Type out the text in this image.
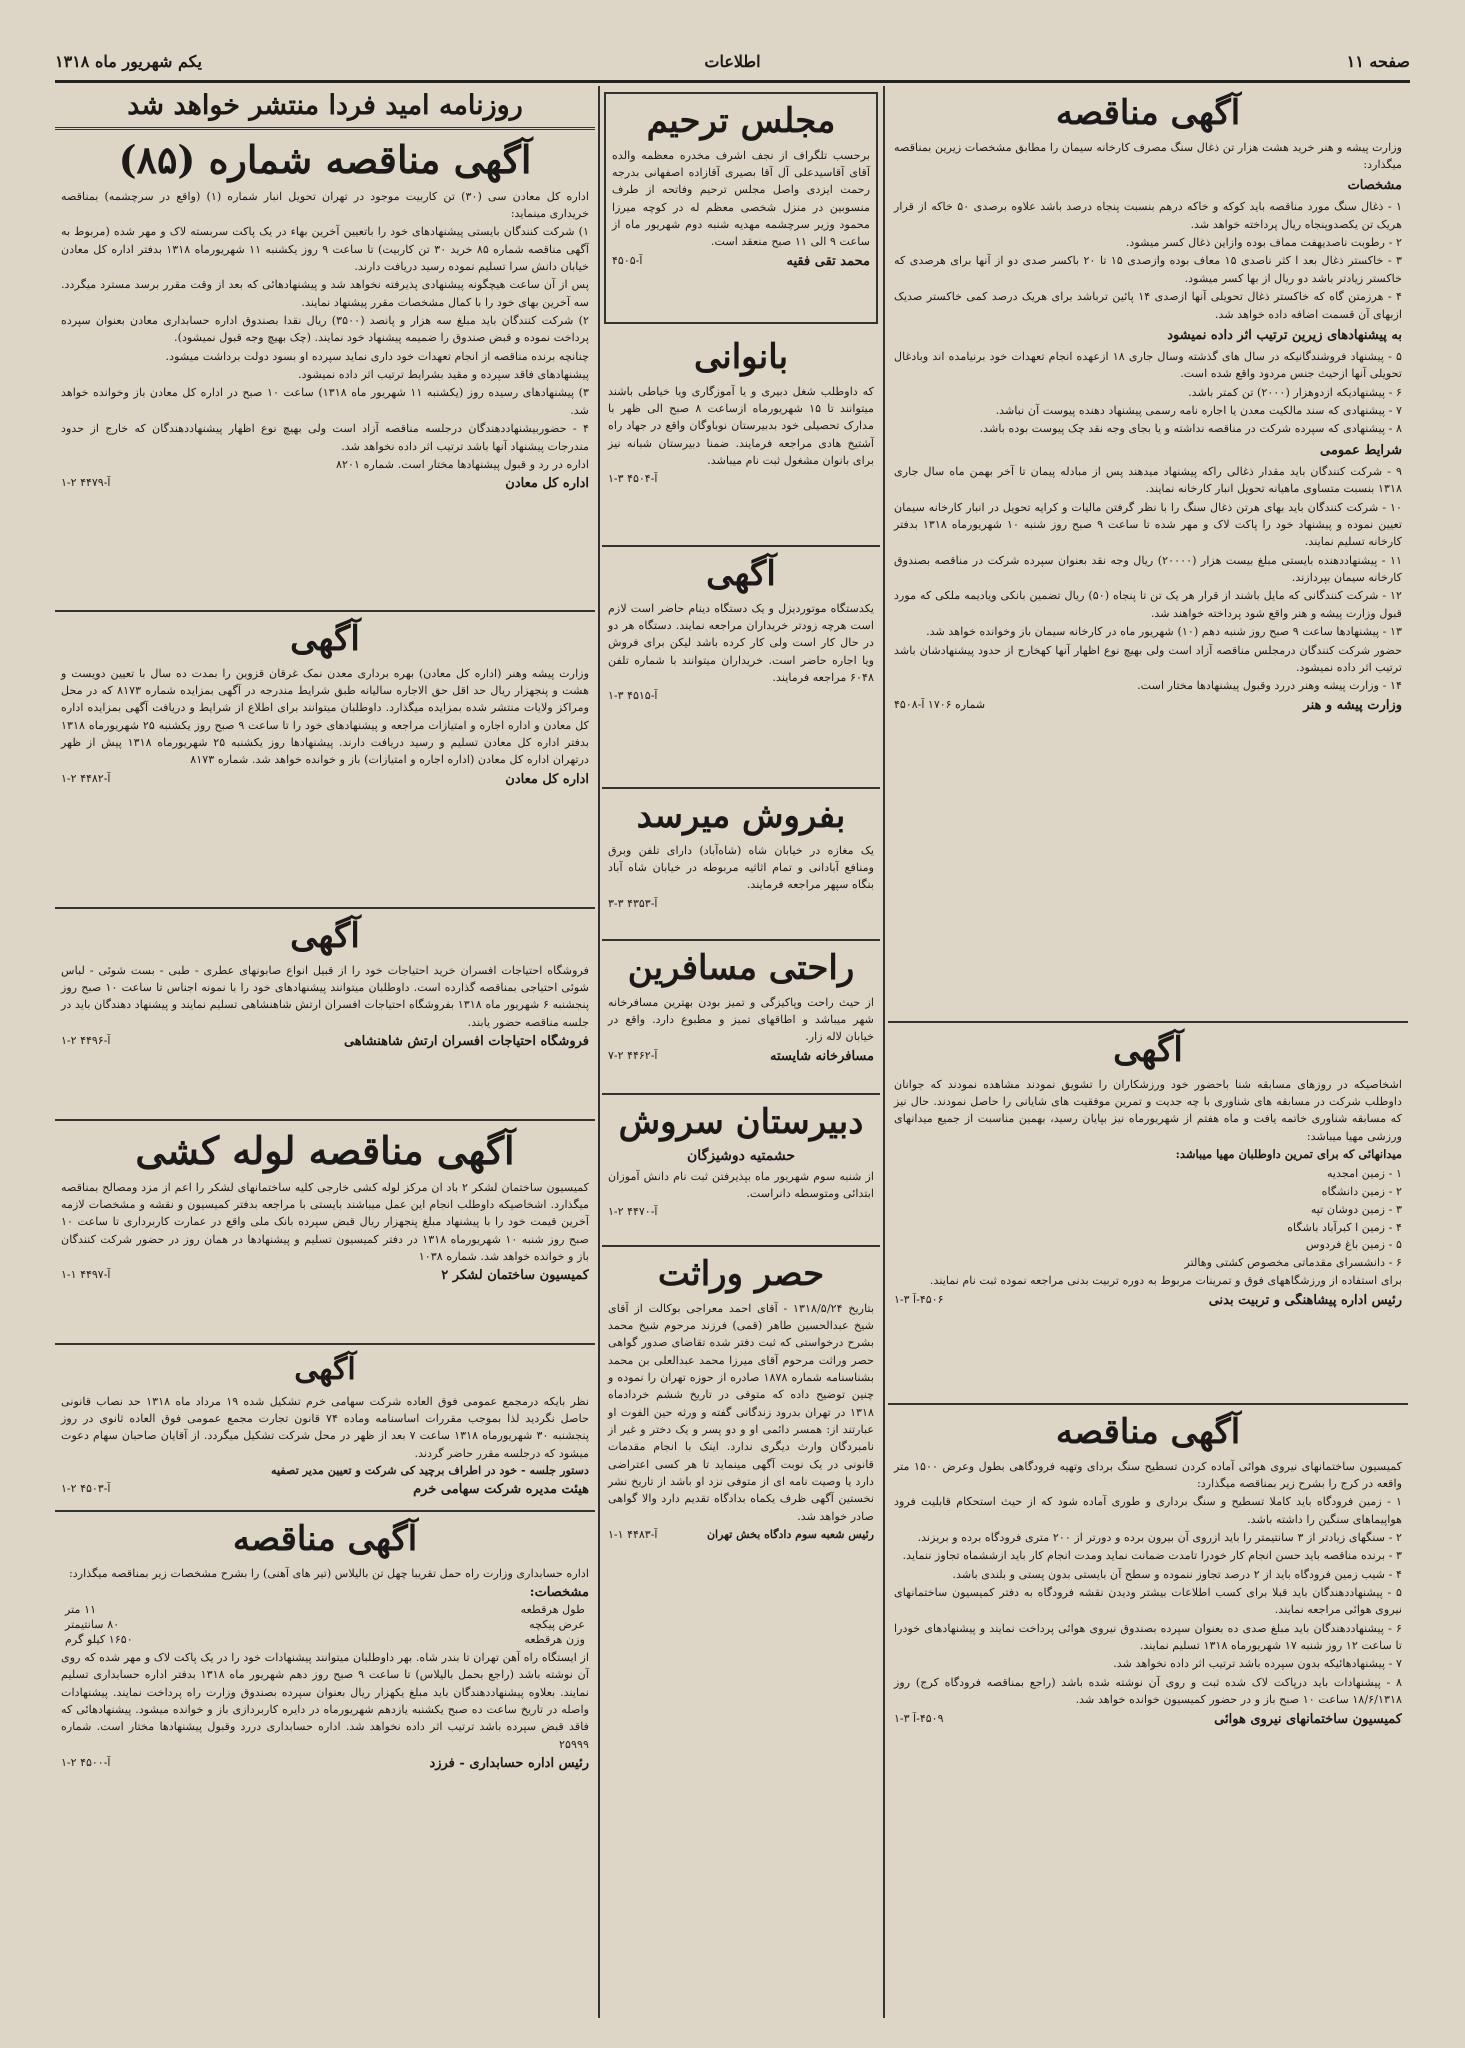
صفحه ۱۱
اطلاعات
یکم شهریور ماه ۱۳۱۸
آگهی مناقصه

وزارت پیشه و هنر خرید هشت هزار تن ذغال سنگ مصرف کارخانه سیمان را مطابق مشخصات زیرین بمناقصه میگذارد:

مشخصات

۱ - ذغال سنگ مورد مناقصه باید کوکه و خاکه درهم بنسبت پنجاه درصد باشد علاوه برصدی ۵۰ خاکه از قرار هریک تن یکصدوپنجاه ریال پرداخته خواهد شد.

۲ - رطوبت ناصدیهفت مماف بوده وازاین ذغال کسر میشود.

۳ - خاکستر ذغال بعد ا کثر ناصدی ۱۵ معاف بوده وازصدی ۱۵ تا ۲۰ باکسر صدی دو از آنها برای هرصدی که خاکستر زیادتر باشد دو ریال از بها کسر میشود.

۴ - هرزمتن گاه که خاکستر ذغال تحویلی آنها ازصدی ۱۴ پائین ترباشد برای هریک درصد کمی خاکستر صدیک ازبهای آن قسمت اضافه داده خواهد شد.

به پیشنهادهای زیرین ترتیب اثر داده نمیشود

۵ - پیشنهاد فروشندگانیکه در سال های گذشته وسال جاری ۱۸ ازعهده انجام تعهدات خود برنیامده اند وبادغال تحویلی آنها ازحیث جنس مردود واقع شده است.

۶ - پیشنهادیکه ازدوهزار (۲۰۰۰) تن کمتر باشد.

۷ - پیشنهادی که سند مالکیت معدن یا اجاره نامه رسمی پیشنهاد دهنده پیوست آن نباشد.

۸ - پیشنهادی که سپرده شرکت در مناقصه نداشته و یا بجای وجه نقد چک پیوست بوده باشد.

شرایط عمومی

۹ - شرکت کنندگان باید مقدار ذغالی راکه پیشنهاد میدهند پس از مبادله پیمان تا آخر بهمن ماه سال جاری ۱۳۱۸ بنسبت متساوی ماهیانه تحویل انبار کارخانه نمایند.

۱۰ - شرکت کنندگان باید بهای هرتن ذغال سنگ را با نظر گرفتن مالیات و کرایه تحویل در انبار کارخانه سیمان تعیین نموده و پیشنهاد خود را پاکت لاک و مهر شده تا ساعت ۹ صبح روز شنبه ۱۰ شهریورماه ۱۳۱۸ بدفتر کارخانه تسلیم نمایند.

۱۱ - پیشنهاددهنده بایستی مبلغ بیست هزار (۲۰۰۰۰) ریال وجه نقد بعنوان سپرده شرکت در مناقصه بصندوق کارخانه سیمان بپردازند.

۱۲ - شرکت کنندگانی که مایل باشند از قرار هر یک تن تا پنجاه (۵۰) ریال تضمین بانکی ویادیمه ملکی که مورد قبول وزارت پیشه و هنر واقع شود پرداخته خواهند شد.

۱۳ - پیشنهادها ساعت ۹ صبح روز شنبه دهم (۱۰) شهریور ماه در کارخانه سیمان باز وخوانده خواهد شد.

حضور شرکت کنندگان درمجلس مناقصه آزاد است ولی بهیچ نوع اظهار آنها کهخارج از حدود پیشنهادشان باشد ترتیب اثر داده نمیشود.

۱۴ - وزارت پیشه وهنر دررد وقبول پیشنهادها مختار است.

وزارت پیشه و هنر
شماره ۱۷۰۶ آ-۴۵۰۸
آگهی

اشخاصیکه در روزهای مسابقه شنا باحضور خود ورزشکاران را تشویق نمودند مشاهده نمودند که جوانان داوطلب شرکت در مسابقه های شناوری با چه جدیت و تمرین موفقیت های شایانی را حاصل نمودند. حال نیز که مسابقه شناوری خاتمه یافت و ماه هفتم از شهریورماه نیز بپایان رسید، بهمین مناسبت از جمیع میدانهای ورزشی مهیا میباشد:

میدانهائی که برای تمرین داوطلبان مهیا میباشد:

۱ - زمین امجدیه
۲ - زمین دانشگاه
۳ - زمین دوشان تپه
۴ - زمین ا کبرآباد باشگاه
۵ - زمین باغ فردوس
۶ - دانشسرای مقدماتی مخصوص کشتی وهالتر
برای استفاده از ورزشگاههای فوق و تمرینات مربوط به دوره تربیت بدنی مراجعه نموده ثبت نام نمایند.
رئیس اداره پیشاهنگی و تربیت بدنی
۴۵۰۶-آ ۳-۱
آگهی مناقصه

کمیسیون ساختمانهای نیروی هوائی آماده کردن تسطیح سنگ بردای وتهیه فرودگاهی بطول وعرض ۱۵۰۰ متر واقعه در کرج را بشرح زیر بمناقصه میگذارد:

۱ - زمین فرودگاه باید کاملا تسطیح و سنگ برداری و طوری آماده شود که از حیث استحکام قابلیت فرود هواپیماهای سنگین را داشته باشد.

۲ - سنگهای زیادتر از ۳ سانتیمتر را باید ازروی آن بیرون برده و دورتر از ۲۰۰ متری فرودگاه برده و بریزند.

۳ - برنده مناقصه باید حسن انجام کار خودرا تامدت ضمانت نماید ومدت انجام کار باید ازششماه تجاوز ننماید.

۴ - شیب زمین فرودگاه باید از ۲ درصد تجاوز ننموده و سطح آن بایستی بدون پستی و بلندی باشد.

۵ - پیشنهاددهندگان باید قبلا برای کسب اطلاعات بیشتر ودیدن نقشه فرودگاه به دفتر کمیسیون ساختمانهای نیروی هوائی مراجعه نمایند.

۶ - پیشنهاددهندگان باید مبلغ صدی ده بعنوان سپرده بصندوق نیروی هوائی پرداخت نمایند و پیشنهادهای خودرا تا ساعت ۱۲ روز شنبه ۱۷ شهریورماه ۱۳۱۸ تسلیم نمایند.

۷ - پیشنهادهائیکه بدون سپرده باشد ترتیب اثر داده نخواهد شد.

۸ - پیشنهادات باید درپاکت لاک شده ثبت و روی آن نوشته شده باشد (راجع بمناقصه فرودگاه کرج) روز ۱۸/۶/۱۳۱۸ ساعت ۱۰ صبح باز و در حضور کمیسیون خوانده خواهد شد.

کمیسیون ساختمانهای نیروی هوائی
۴۵۰۹-آ ۳-۱
مجلس ترحیم
برحسب تلگراف از نجف اشرف مخدره معظمه والده آقای آقاسیدعلی آل آقا بصیری آقازاده اصفهانی بدرجه رحمت ایزدی واصل مجلس ترحیم وفاتحه از طرف منسوبین در منزل شخصی معظم له در کوچه میرزا محمود وزیر سرچشمه مهدیه شنبه دوم شهریور ماه از ساعت ۹ الی ۱۱ صبح منعقد است.
محمد تقی فقیه
آ-۴۵۰۵
بانوانی
که داوطلب شغل دبیری و یا آموزگاری ویا خیاطی باشند میتوانند تا ۱۵ شهریورماه ازساعت ۸ صبح الی ظهر با مدارک تحصیلی خود بدبیرستان نوباوگان واقع در جهاد راه آشتیخ هادی مراجعه فرمایند. ضمنا دبیرستان شبانه نیز برای بانوان مشغول ثبت نام میباشد.
آ-۴۵۰۴ ۳-۱
آگهی
یکدستگاه موتوردیزل و یک دستگاه دینام حاضر است لازم است هرچه زودتر خریداران مراجعه نمایند. دستگاه هر دو در حال کار است ولی کار کرده باشد لیکن برای فروش ویا اجاره حاضر است. خریداران میتوانند با شماره تلفن ۶۰۴۸ مراجعه فرمایند.
آ-۴۵۱۵ ۳-۱
بفروش میرسد
یک مغازه در خیابان شاه (شاه‌آباد) دارای تلفن وبرق ومنافع آبادانی و تمام اثاثیه مربوطه در خیابان شاه آباد بنگاه سپهر مراجعه فرمایند.
آ-۴۳۵۳ ۳-۳
راحتی مسافرین
از حیث راحت وپاکیزگی و تمیز بودن بهترین مسافرخانه شهر میباشد و اطاقهای تمیز و مطبوع دارد. واقع در خیابان لاله زار.
مسافرخانه شایسته
آ-۴۴۶۲ ۲-۷
دبیرستان سروش
حشمتیه دوشیزگان
از شنبه سوم شهریور ماه بپذیرفتن ثبت نام دانش آموزان ابتدائی ومتوسطه دانراست.
آ-۴۴۷۰ ۲-۱
حصر وراثت
بتاریخ ۱۳۱۸/۵/۲۴ - آقای احمد معراجی بوکالت از آقای شیخ عبدالحسین طاهر (قمی) فرزند مرحوم شیخ محمد بشرح درخواستی که ثبت دفتر شده تقاضای صدور گواهی حصر وراثت مرحوم آقای میرزا محمد عبدالعلی بن محمد بشناسنامه شماره ۱۸۷۸ صادره از حوزه تهران را نموده و چنین توضیح داده که متوفی در تاریخ ششم خردادماه ۱۳۱۸ در تهران بدرود زندگانی گفته و ورثه حین الفوت او عبارتند از: همسر دائمی او و دو پسر و یک دختر و غیر از نامبردگان وارث دیگری ندارد. اینک با انجام مقدمات قانونی در یک نوبت آگهی مینماید تا هر کسی اعتراضی دارد یا وصیت نامه ای از متوفی نزد او باشد از تاریخ نشر نخستین آگهی ظرف یکماه بدادگاه تقدیم دارد والا گواهی صادر خواهد شد.
رئیس شعبه سوم دادگاه بخش تهران
آ-۴۴۸۳ ۱-۱
روزنامه امید فردا منتشر خواهد شد
آگهی مناقصه شماره (۸۵)

اداره کل معادن سی (۳۰) تن کاربیت موجود در تهران تحویل انبار شماره (۱) (واقع در سرچشمه) بمناقصه خریداری مینماید:

۱) شرکت کنندگان بایستی پیشنهادهای خود را باتعیین آخرین بهاء در یک پاکت سربسته لاک و مهر شده (مربوط به آگهی مناقصه شماره ۸۵ خرید ۳۰ تن کاربیت) تا ساعت ۹ روز یکشنبه ۱۱ شهریورماه ۱۳۱۸ بدفتر اداره کل معادن خیابان دانش سرا تسلیم نموده رسید دریافت دارند.

پس از آن ساعت هیچگونه پیشنهادی پذیرفته نخواهد شد و پیشنهادهائی که بعد از وقت مقرر برسد مسترد میگردد. سه آخرین بهای خود را با کمال مشخصات مقرر پیشنهاد نمایند.

۲) شرکت کنندگان باید مبلغ سه هزار و پانصد (۳۵۰۰) ریال نقدا بصندوق اداره حسابداری معادن بعنوان سپرده پرداخت نموده و قبض صندوق را ضمیمه پیشنهاد خود نمایند. (چک بهیچ وجه قبول نمیشود).

چنانچه برنده مناقصه از انجام تعهدات خود داری نماید سپرده او بسود دولت برداشت میشود.

پیشنهادهای فاقد سپرده و مقید بشرایط ترتیب اثر داده نمیشود.

۳) پیشنهادهای رسیده روز (یکشنبه ۱۱ شهریور ماه ۱۳۱۸) ساعت ۱۰ صبح در اداره کل معادن باز وخوانده خواهد شد.

۴ - حضوربیشنهاددهندگان درجلسه مناقصه آزاد است ولی بهیچ نوع اظهار پیشنهاددهندگان که خارج از حدود مندرجات پیشنهاد آنها باشد ترتیب اثر داده نخواهد شد.

اداره در رد و قبول پیشنهادها مختار است. شماره ۸۲۰۱

اداره کل معادن
آ-۴۴۷۹ ۲-۱
آگهی
وزارت پیشه وهنر (اداره کل معادن) بهره برداری معدن نمک غرقان قزوین را بمدت ده سال با تعیین دویست و هشت و پنجهزار ریال حد اقل حق الاجاره سالیانه طبق شرایط مندرجه در آگهی بمزایده شماره ۸۱۷۳ که در محل ومراکز ولایات منتشر شده بمزایده میگذارد. داوطلبان میتوانند برای اطلاع از شرایط و دریافت آگهی بمزایده اداره کل معادن و اداره اجاره و امتیازات مراجعه و پیشنهادهای خود را تا ساعت ۹ صبح روز یکشنبه ۲۵ شهریورماه ۱۳۱۸ بدفتر اداره کل معادن تسلیم و رسید دریافت دارند. پیشنهادها روز یکشنبه ۲۵ شهریورماه ۱۳۱۸ پیش از ظهر درتهران اداره کل معادن (اداره اجاره و امتیازات) باز و خوانده خواهد شد. شماره ۸۱۷۳
اداره کل معادن
آ-۴۴۸۲ ۲-۱
آگهی
فروشگاه احتیاجات افسران خرید احتیاجات خود را از قبیل انواع صابونهای عطری - طبی - بست شوئی - لباس شوئی احتیاجی بمناقصه گذارده است. داوطلبان میتوانند پیشنهادهای خود را با نمونه اجناس تا ساعت ۱۰ صبح روز پنجشنبه ۶ شهریور ماه ۱۳۱۸ بفروشگاه احتیاجات افسران ارتش شاهنشاهی تسلیم نمایند و پیشنهاد دهندگان باید در جلسه مناقصه حضور یابند.
فروشگاه احتیاجات افسران ارتش شاهنشاهی
آ-۴۴۹۶ ۲-۱
آگهی مناقصه لوله کشی
کمیسیون ساختمان لشکر ۲ باد ان مرکز لوله کشی خارجی کلیه ساختمانهای لشکر را اعم از مزد ومصالح بمناقصه میگذارد. اشخاصیکه داوطلب انجام این عمل میباشند بایستی با مراجعه بدفتر کمیسیون و نقشه و مشخصات لازمه آخرین قیمت خود را با پیشنهاد مبلغ پنجهزار ریال قبض سپرده بانک ملی واقع در عمارت کاربرداری تا ساعت ۱۰ صبح روز شنبه ۱۰ شهریورماه ۱۳۱۸ در دفتر کمیسیون تسلیم و پیشنهادها در همان روز در حضور شرکت کنندگان باز و خوانده خواهد شد. شماره ۱۰۳۸
کمیسیون ساختمان لشکر ۲
آ-۴۴۹۷ ۱-۱
آگهی
نظر بایکه درمجمع عمومی فوق العاده شرکت سهامی خرم تشکیل شده ۱۹ مرداد ماه ۱۳۱۸ حد نصاب قانونی حاصل نگردید لذا بموجب مقررات اساسنامه وماده ۷۴ قانون تجارت مجمع عمومی فوق العاده ثانوی در روز پنجشنبه ۳۰ شهریورماه ۱۳۱۸ ساعت ۷ بعد از ظهر در محل شرکت تشکیل میگردد. از آقایان صاحبان سهام دعوت میشود که درجلسه مقرر حاضر گردند.
دستور جلسه - خود در اطراف برچید کی شرکت و تعیین مدیر تصفیه
هیئت مدیره شرکت سهامی خرم
آ-۴۵۰۳ ۲-۱
آگهی مناقصه
اداره حسابداری وزارت راه حمل تقریبا چهل تن بالیلاس (تیر های آهنی) را بشرح مشخصات زیر بمناقصه میگذارد:
مشخصات:
طول هرقطعه	۱۱ متر
عرض پیکچه	۸۰ سانتیمتر
وزن هرقطعه	۱۶۵۰ کیلو گرم
از ایستگاه راه آهن تهران تا بندر شاه. بهر داوطلبان میتوانند پیشنهادات خود را در یک پاکت لاک و مهر شده که روی آن نوشته باشد (راجع بحمل بالیلاس) تا ساعت ۹ صبح روز دهم شهریور ماه ۱۳۱۸ بدفتر اداره حسابداری تسلیم نمایند. بعلاوه پیشنهاددهندگان باید مبلغ یکهزار ریال بعنوان سپرده بصندوق وزارت راه پرداخت نمایند. پیشنهادات واصله در تاریخ ساعت ده صبح یکشنبه یازدهم شهریورماه در دایره کاربردازی باز و خوانده میشود. پیشنهادهائی که فاقد قبض سپرده باشد ترتیب اثر داده نخواهد شد. اداره حسابداری دررد وقبول پیشنهادها مختار است. شماره ۲۵۹۹۹
رئیس اداره حسابداری - فرزد
آ-۴۵۰۰ ۲-۱
